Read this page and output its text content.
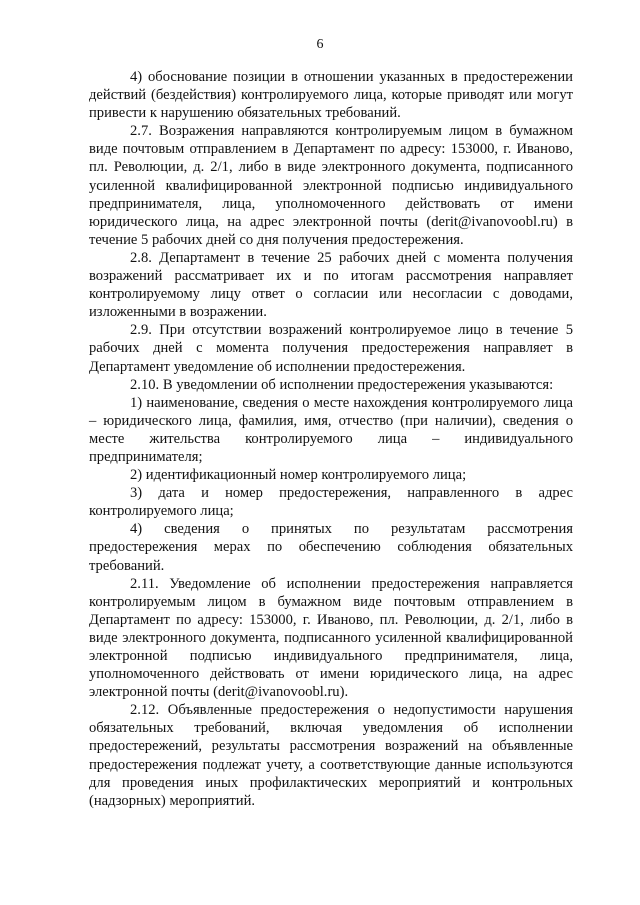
6

4) обоснование позиции в отношении указанных в предостережении действий (бездействия) контролируемого лица, которые приводят или могут привести к нарушению обязательных требований.

2.7. Возражения направляются контролируемым лицом в бумажном виде почтовым отправлением в Департамент по адресу: 153000, г. Иваново, пл. Революции, д. 2/1, либо в виде электронного документа, подписанного усиленной квалифицированной электронной подписью индивидуального предпринимателя, лица, уполномоченного действовать от имени юридического лица, на адрес электронной почты (derit@ivanovoobl.ru) в течение 5 рабочих дней со дня получения предостережения.

2.8. Департамент в течение 25 рабочих дней с момента получения возражений рассматривает их и по итогам рассмотрения направляет контролируемому лицу ответ о согласии или несогласии с доводами, изложенными в возражении.

2.9. При отсутствии возражений контролируемое лицо в течение 5 рабочих дней с момента получения предостережения направляет в Департамент уведомление об исполнении предостережения.

2.10. В уведомлении об исполнении предостережения указываются:

1) наименование, сведения о месте нахождения контролируемого лица – юридического лица, фамилия, имя, отчество (при наличии), сведения о месте жительства контролируемого лица – индивидуального предпринимателя;

2) идентификационный номер контролируемого лица;

3) дата и номер предостережения, направленного в адрес контролируемого лица;

4) сведения о принятых по результатам рассмотрения предостережения мерах по обеспечению соблюдения обязательных требований.

2.11. Уведомление об исполнении предостережения направляется контролируемым лицом в бумажном виде почтовым отправлением в Департамент по адресу: 153000, г. Иваново, пл. Революции, д. 2/1, либо в виде электронного документа, подписанного усиленной квалифицированной электронной подписью индивидуального предпринимателя, лица, уполномоченного действовать от имени юридического лица, на адрес электронной почты (derit@ivanovoobl.ru).

2.12. Объявленные предостережения о недопустимости нарушения обязательных требований, включая уведомления об исполнении предостережений, результаты рассмотрения возражений на объявленные предостережения подлежат учету, а соответствующие данные используются для проведения иных профилактических мероприятий и контрольных (надзорных) мероприятий.
